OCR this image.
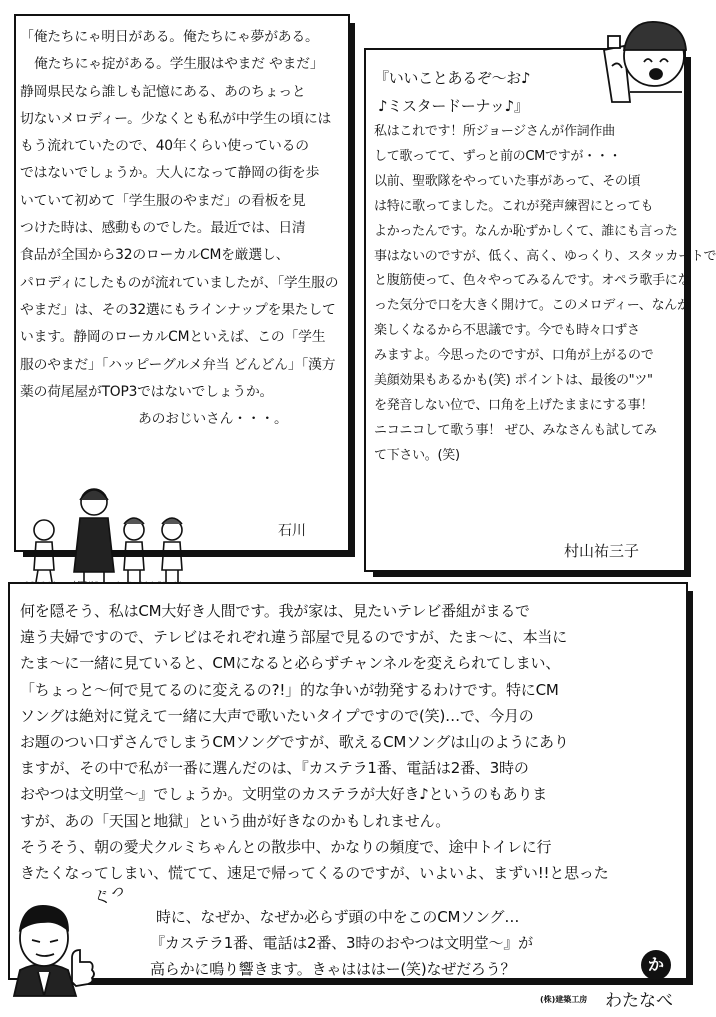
「俺たちにゃ明日がある。俺たちにゃ夢がある。
俺たちにゃ掟がある。学生服はやまだ やまだ」
静岡県民なら誰しも記憶にある、あのちょっと
切ないメロディー。少なくとも私が中学生の頃には
もう流れていたので、40年くらい使っているの
ではないでしょうか。大人になって静岡の街を歩
いていて初めて「学生服のやまだ」の看板を見
つけた時は、感動ものでした。最近では、日清
食品が全国から32のローカルCMを厳選し、
パロディにしたものが流れていましたが、「学生服の
やまだ」は、その32選にもラインナップを果たして
います。静岡のローカルCMといえば、この「学生
服のやまだ」「ハッピーグルメ弁当 どんどん」「漢方
薬の荷尾屋がTOP3ではないでしょうか。
あのおじいさん・・・。
石川
『いいことあるぞ～お♪
♪ミスタードーナッ♪』
私はこれです！所ジョージさんが作詞作曲
して歌ってて、ずっと前のCMですが・・・
以前、聖歌隊をやっていた事があって、その頃
は特に歌ってました。これが発声練習にとっても
よかったんです。なんか恥ずかしくて、誰にも言った
事はないのですが、低く、高く、ゆっくり、スタッカートで
と腹筋使って、色々やってみるんです。オペラ歌手にな
った気分で口を大きく開けて。このメロディー、なんか
楽しくなるから不思議です。今でも時々口ずさ
みますよ。今思ったのですが、口角が上がるので
美顔効果もあるかも(笑) ポイントは、最後の"ツ"
を発音しない位で、口角を上げたままにする事！
ニコニコして歌う事！ ぜひ、みなさんも試してみ
て下さい。(笑)
村山祐三子
何を隠そう、私はCM大好き人間です。我が家は、見たいテレビ番組がまるで
違う夫婦ですので、テレビはそれぞれ違う部屋で見るのですが、たま～に、本当に
たま～に一緒に見ていると、CMになると必らずチャンネルを変えられてしまい、
「ちょっと～何で見てるのに変えるの?!」的な争いが勃発するわけです。特にCM
ソングは絶対に覚えて一緒に大声で歌いたいタイプですので(笑)…で、今月の
お題のつい口ずさんでしまうCMソングですが、歌えるCMソングは山のようにあり
ますが、その中で私が一番に選んだのは、『カステラ1番、電話は2番、3時の
おやつは文明堂～』でしょうか。文明堂のカステラが大好き♪というのもありま
すが、あの「天国と地獄」という曲が好きなのかもしれません。
そうそう、朝の愛犬クルミちゃんとの散歩中、かなりの頻度で、途中トイレに行
きたくなってしまい、慌てて、速足で帰ってくるのですが、いよいよ、まずい!!と思った
時に、なぜか、なぜか必らず頭の中をこのCMソング…
『カステラ1番、電話は2番、3時のおやつは文明堂～』が
高らかに鳴り響きます。きゃはははー(笑)なぜだろう？
ぐっ
か
(株)建築工房 わたなべ
